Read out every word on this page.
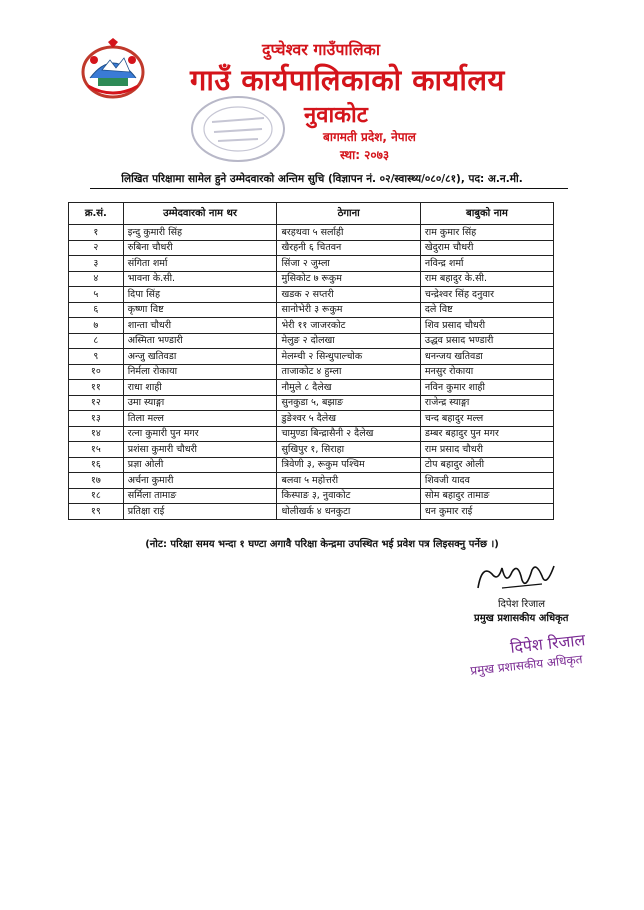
दुप्चेश्वर गाउँपालिका
गाउँ कार्यपालिकाको कार्यालय
नुवाकोट
बागमती प्रदेश, नेपाल
स्था: २०७३
लिखित परिक्षामा सामेल हुने उम्मेदवारको अन्तिम सुचि (विज्ञापन नं. ०२/स्वास्थ्य/०८०/८१), पद: अ.न.मी.
क्र.सं.	उम्मेदवारको नाम थर	ठेगाना	बाबुको नाम
१	इन्दु कुमारी सिंह	बरहथवा ५ सर्लाही	राम कुमार सिंह
२	रुबिना चौधरी	खैरहनी ६ चितवन	खेदुराम चौधरी
३	संगिता शर्मा	सिंजा २ जुम्ला	नविन्द्र शर्मा
४	भावना के.सी.	मुसिकोट ७ रूकुम	राम बहादुर के.सी.
५	दिपा सिंह	खडक २ सप्तरी	चन्द्रेश्वर सिंह दनुवार
६	कृष्णा विष्ट	सानोभेरी ३ रूकुम	दले विष्ट
७	शान्ता चौधरी	भेरी ११ जाजरकोट	शिव प्रसाद चौधरी
८	अस्मिता भण्डारी	मेलुङ २ दोलखा	उद्धव प्रसाद भण्डारी
९	अन्जु खतिवडा	मेलम्ची २ सिन्धुपाल्चोक	धनन्जय खतिवडा
१०	निर्मला रोकाया	ताजाकोट ४ हुम्ला	मनसुर रोकाया
११	राधा शाही	नौमुले ८ दैलेख	नविन कुमार शाही
१२	उमा स्याङ्गा	सुनकुडा ५, बझाङ	राजेन्द्र स्याङ्गा
१३	तिला मल्ल	डुङेश्वर ५ दैलेख	चन्द बहादुर मल्ल
१४	रत्ना कुमारी पुन मगर	चामुण्डा बिन्द्रासैनी २ दैलेख	डम्बर बहादुर पुन मगर
१५	प्रशंसा कुमारी चौधरी	सुखिपुर १, सिराहा	राम प्रसाद चौधरी
१६	प्रज्ञा ओली	त्रिवेणी ३, रूकुम पश्चिम	टोप बहादुर ओली
१७	अर्चना कुमारी	बलवा ५ महोत्तरी	शिवजी यादव
१८	सर्मिला तामाङ	किस्पाङ ३, नुवाकोट	सोम बहादुर तामाङ
१९	प्रतिक्षा राई	धोलीखर्क ४ धनकुटा	धन कुमार राई
(नोट: परिक्षा समय भन्दा १ घण्टा अगावै परिक्षा केन्द्रमा उपस्थित भई प्रवेश पत्र लिइसक्नु पर्नेछ ।)
दिपेश रिजाल
प्रमुख प्रशासकीय अधिकृत
दिपेश रिजाल
प्रमुख प्रशासकीय अधिकृत
